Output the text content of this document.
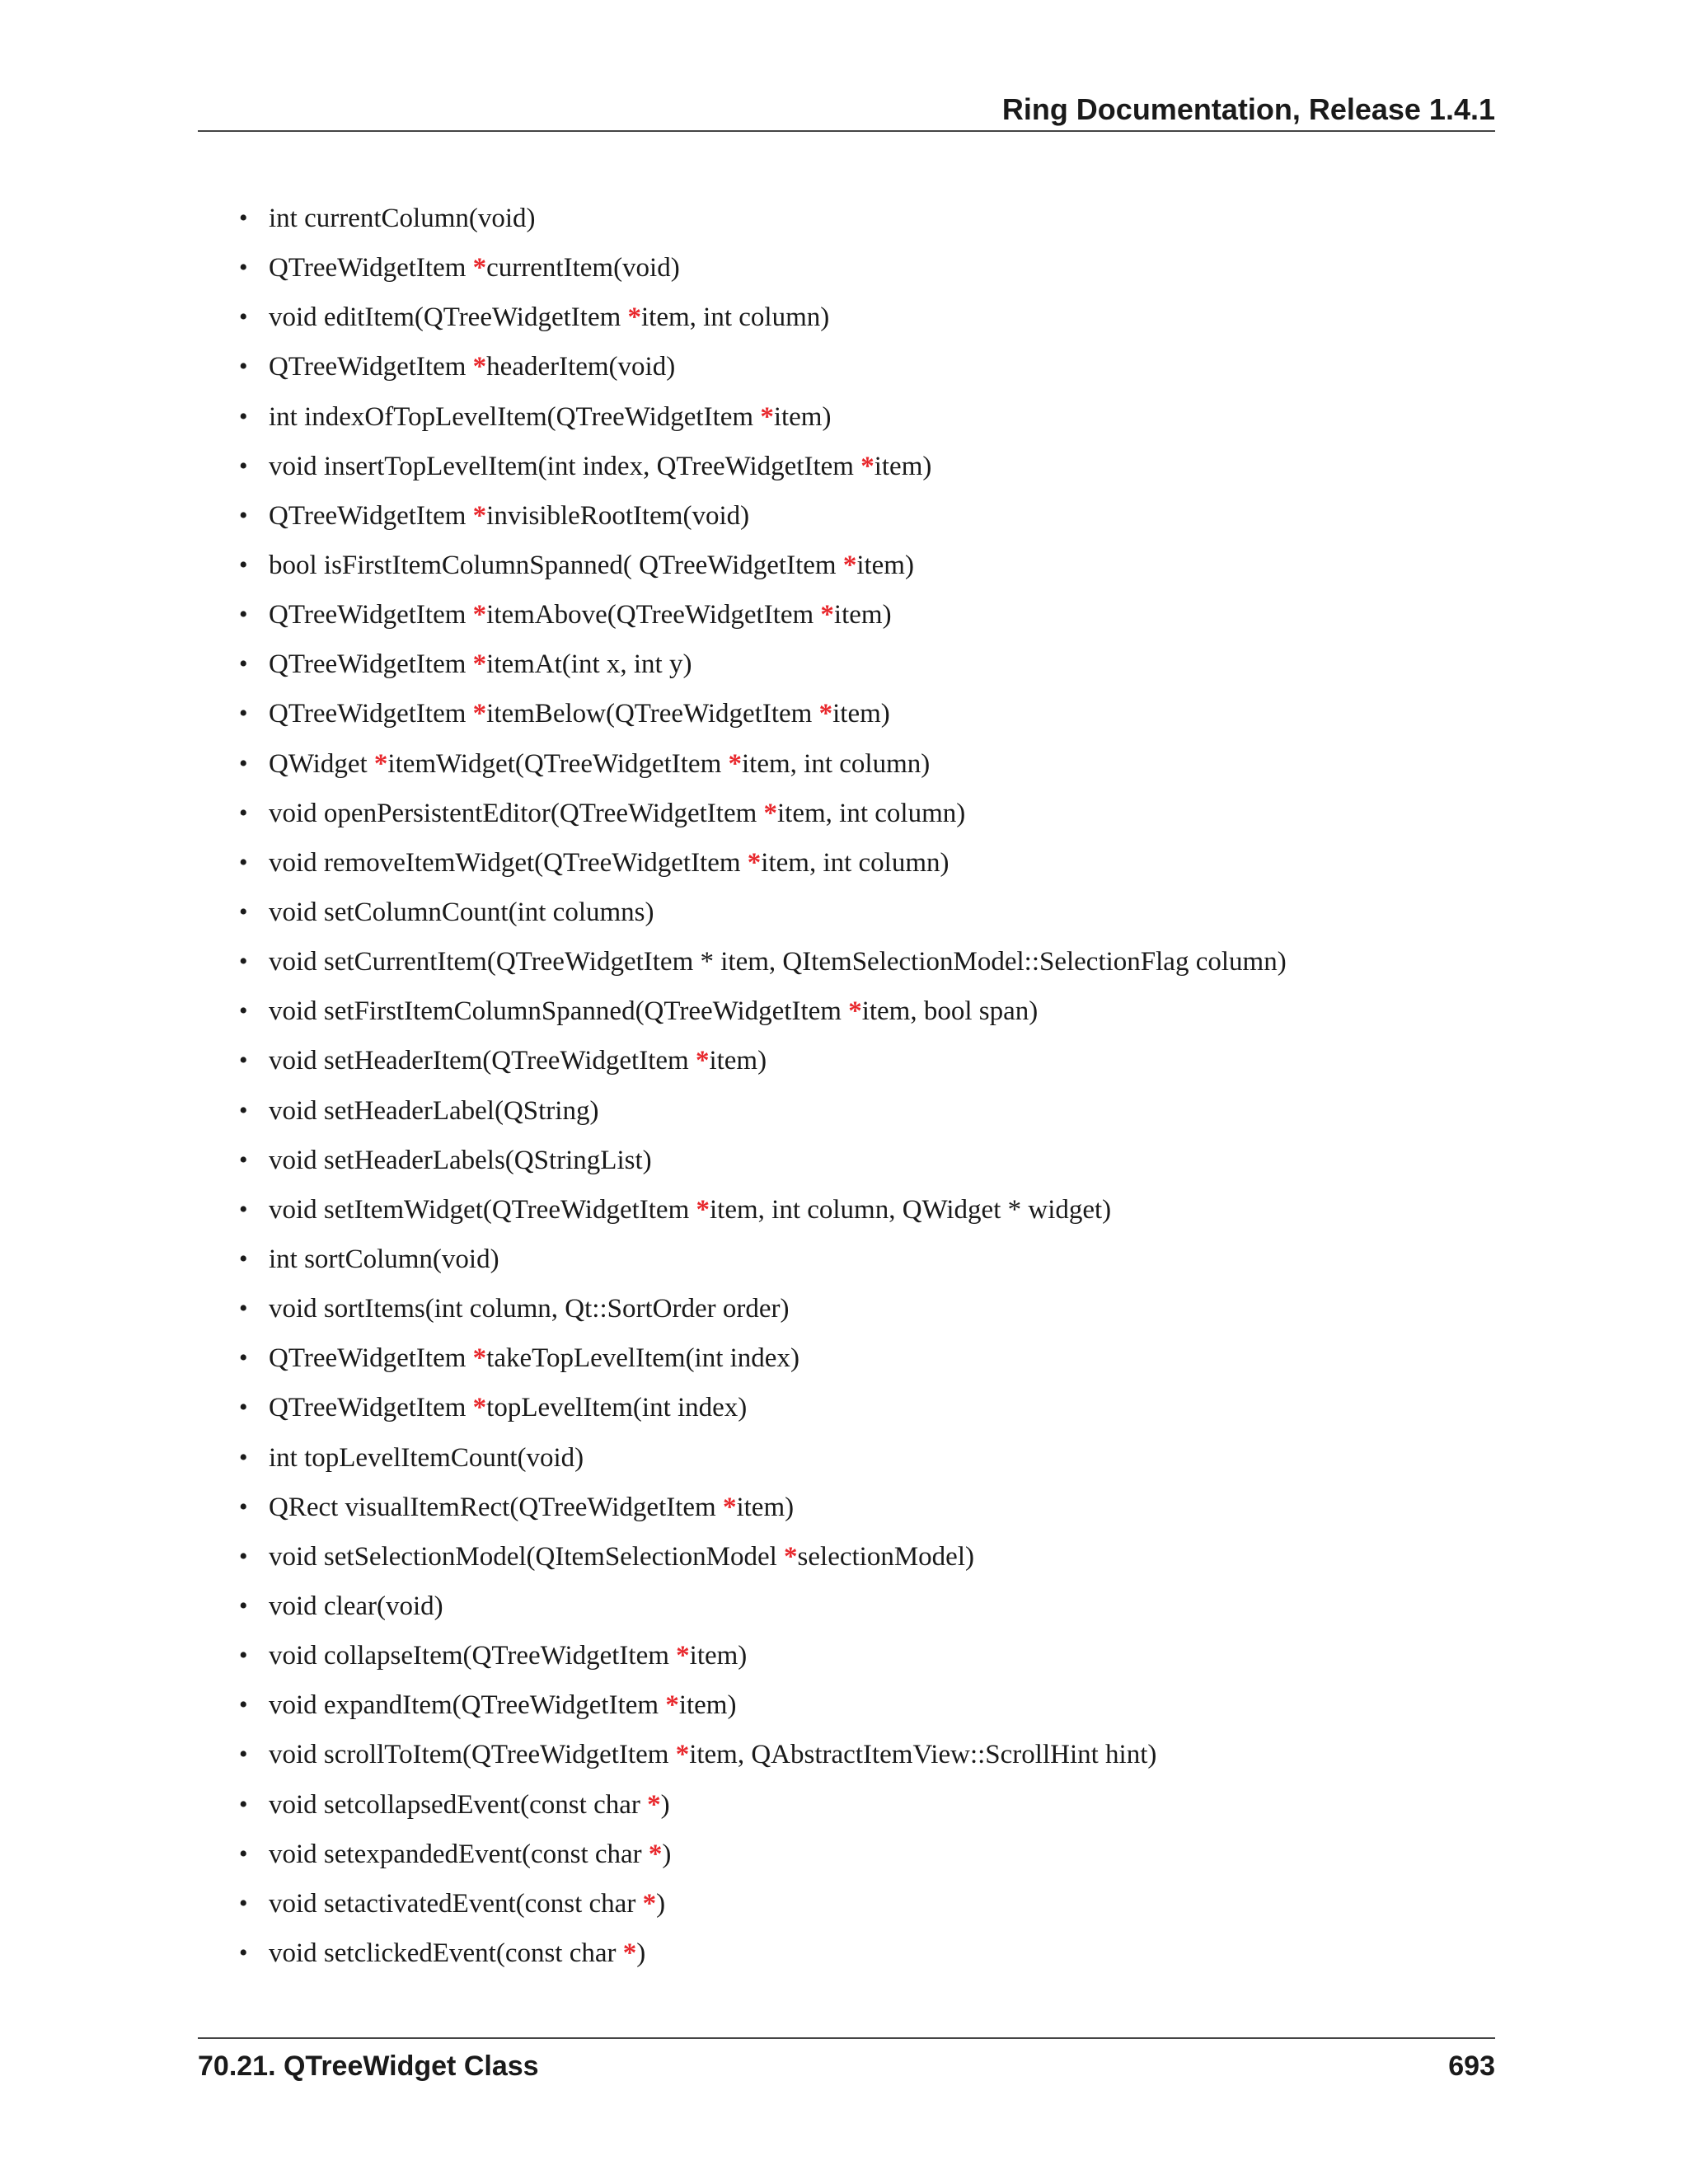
Ring Documentation, Release 1.4.1
• int currentColumn(void)
• QTreeWidgetItem *currentItem(void)
• void editItem(QTreeWidgetItem *item, int column)
• QTreeWidgetItem *headerItem(void)
• int indexOfTopLevelItem(QTreeWidgetItem *item)
• void insertTopLevelItem(int index, QTreeWidgetItem *item)
• QTreeWidgetItem *invisibleRootItem(void)
• bool isFirstItemColumnSpanned( QTreeWidgetItem *item)
• QTreeWidgetItem *itemAbove(QTreeWidgetItem *item)
• QTreeWidgetItem *itemAt(int x, int y)
• QTreeWidgetItem *itemBelow(QTreeWidgetItem *item)
• QWidget *itemWidget(QTreeWidgetItem *item, int column)
• void openPersistentEditor(QTreeWidgetItem *item, int column)
• void removeItemWidget(QTreeWidgetItem *item, int column)
• void setColumnCount(int columns)
• void setCurrentItem(QTreeWidgetItem * item, QItemSelectionModel::SelectionFlag column)
• void setFirstItemColumnSpanned(QTreeWidgetItem *item, bool span)
• void setHeaderItem(QTreeWidgetItem *item)
• void setHeaderLabel(QString)
• void setHeaderLabels(QStringList)
• void setItemWidget(QTreeWidgetItem *item, int column, QWidget * widget)
• int sortColumn(void)
• void sortItems(int column, Qt::SortOrder order)
• QTreeWidgetItem *takeTopLevelItem(int index)
• QTreeWidgetItem *topLevelItem(int index)
• int topLevelItemCount(void)
• QRect visualItemRect(QTreeWidgetItem *item)
• void setSelectionModel(QItemSelectionModel *selectionModel)
• void clear(void)
• void collapseItem(QTreeWidgetItem *item)
• void expandItem(QTreeWidgetItem *item)
• void scrollToItem(QTreeWidgetItem *item, QAbstractItemView::ScrollHint hint)
• void setcollapsedEvent(const char *)
• void setexpandedEvent(const char *)
• void setactivatedEvent(const char *)
• void setclickedEvent(const char *)
70.21. QTreeWidget Class	693
